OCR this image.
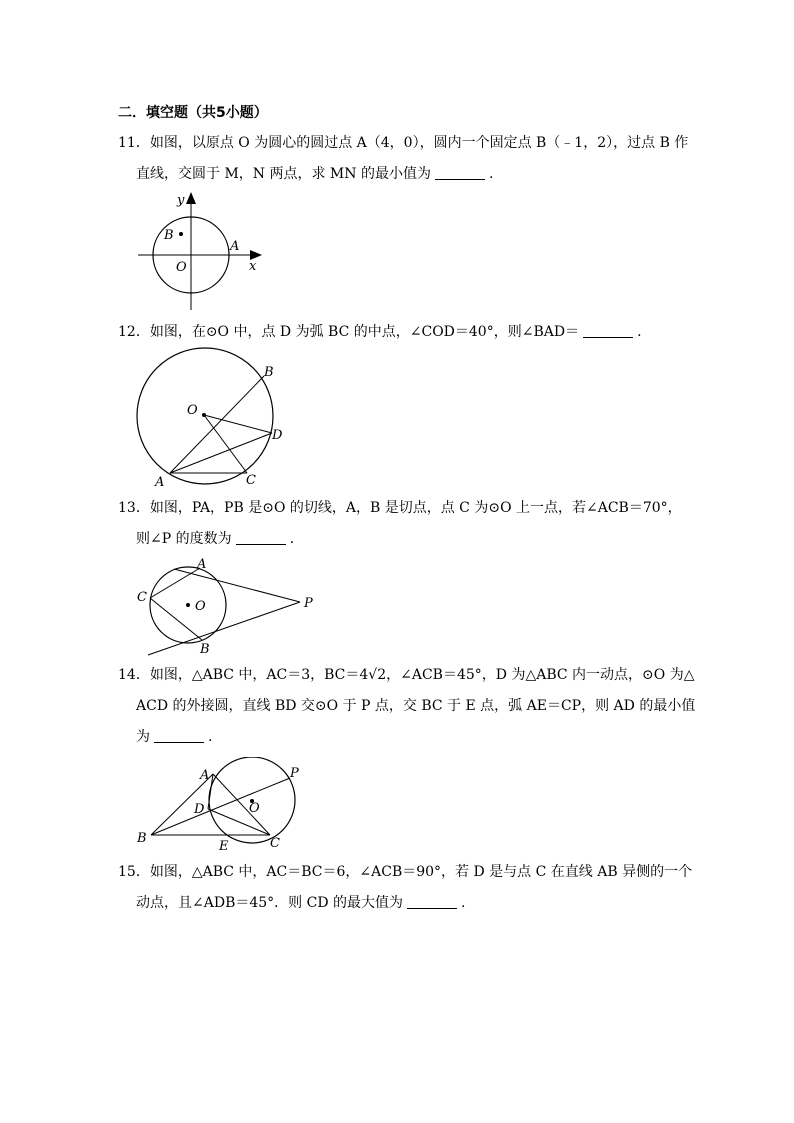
二．填空题（共5小题）
11．如图，以原点 O 为圆心的圆过点 A（4，0），圆内一个固定点 B（﹣1，2），过点 B 作
直线，交圆于 M，N 两点，求 MN 的最小值为	.
y
x
B
A
O
12．如图，在⊙O 中，点 D 为弧 BC 的中点，∠COD＝40°，则∠BAD＝	.
B
O
D
A	C
13．如图，PA，PB 是⊙O 的切线，A，B 是切点，点 C 为⊙O 上一点，若∠ACB＝70°，
则∠P 的度数为	.
A
C
O	P
B
14．如图，△ABC 中，AC＝3，BC＝4√2，∠ACB＝45°，D 为△ABC 内一动点，⊙O 为△
ACD 的外接圆，直线 BD 交⊙O 于 P 点，交 BC 于 E 点，弧 AE＝CP，则 AD 的最小值
为	.
A	P
D	O
B
E	C
15．如图，△ABC 中，AC＝BC＝6，∠ACB＝90°，若 D 是与点 C 在直线 AB 异侧的一个
动点，且∠ADB＝45°．则 CD 的最大值为	.
